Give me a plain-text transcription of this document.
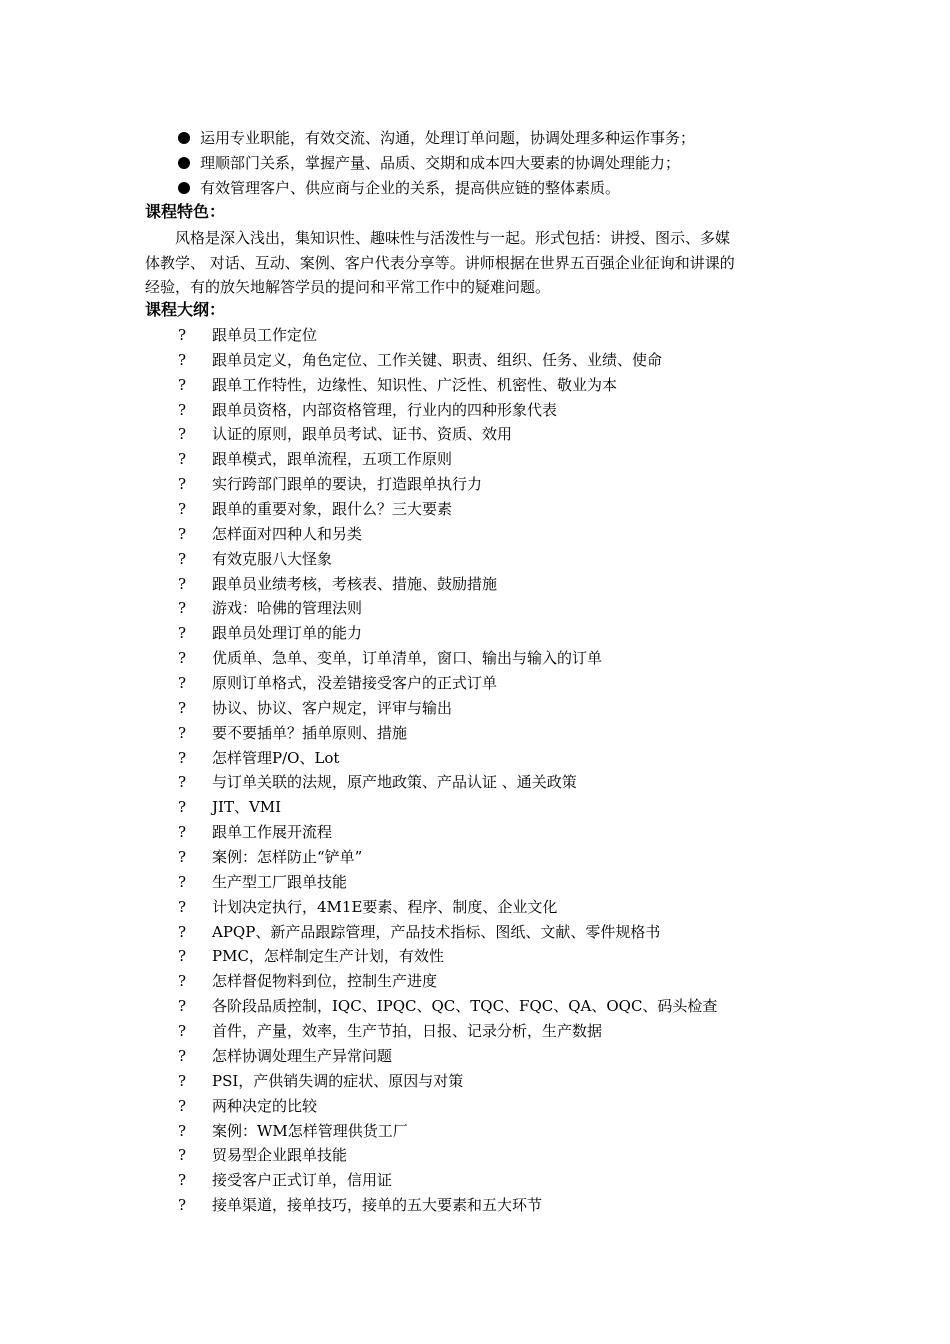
运用专业职能，有效交流、沟通，处理订单问题，协调处理多种运作事务；
理顺部门关系，掌握产量、品质、交期和成本四大要素的协调处理能力；
有效管理客户、供应商与企业的关系，提高供应链的整体素质。
课程特色：
风格是深入浅出，集知识性、趣味性与活泼性与一起。形式包括：讲授、图示、多媒
体教学、 对话、互动、案例、客户代表分享等。讲师根据在世界五百强企业征询和讲课的
经验，有的放矢地解答学员的提问和平常工作中的疑难问题。
课程大纲：
? 跟单员工作定位
? 跟单员定义，角色定位、工作关键、职责、组织、任务、业绩、使命
? 跟单工作特性，边缘性、知识性、广泛性、机密性、敬业为本
? 跟单员资格，内部资格管理，行业内的四种形象代表
? 认证的原则，跟单员考试、证书、资质、效用
? 跟单模式，跟单流程，五项工作原则
? 实行跨部门跟单的要诀，打造跟单执行力
? 跟单的重要对象，跟什么？三大要素
? 怎样面对四种人和另类
? 有效克服八大怪象
? 跟单员业绩考核，考核表、措施、鼓励措施
? 游戏：哈佛的管理法则
? 跟单员处理订单的能力
? 优质单、急单、变单，订单清单，窗口、输出与输入的订单
? 原则订单格式，没差错接受客户的正式订单
? 协议、协议、客户规定，评审与输出
? 要不要插单？插单原则、措施
? 怎样管理P/O、Lot
? 与订单关联的法规，原产地政策、产品认证 、通关政策
? JIT、VMI
? 跟单工作展开流程
? 案例：怎样防止“铲单”
? 生产型工厂跟单技能
? 计划决定执行，4M1E要素、程序、制度、企业文化
? APQP、新产品跟踪管理，产品技术指标、图纸、文献、零件规格书
? PMC，怎样制定生产计划，有效性
? 怎样督促物料到位，控制生产进度
? 各阶段品质控制，IQC、IPQC、QC、TQC、FQC、QA、OQC、码头检查
? 首件，产量，效率，生产节拍，日报、记录分析，生产数据
? 怎样协调处理生产异常问题
? PSI，产供销失调的症状、原因与对策
? 两种决定的比较
? 案例：WM怎样管理供货工厂
? 贸易型企业跟单技能
? 接受客户正式订单，信用证
? 接单渠道，接单技巧，接单的五大要素和五大环节
